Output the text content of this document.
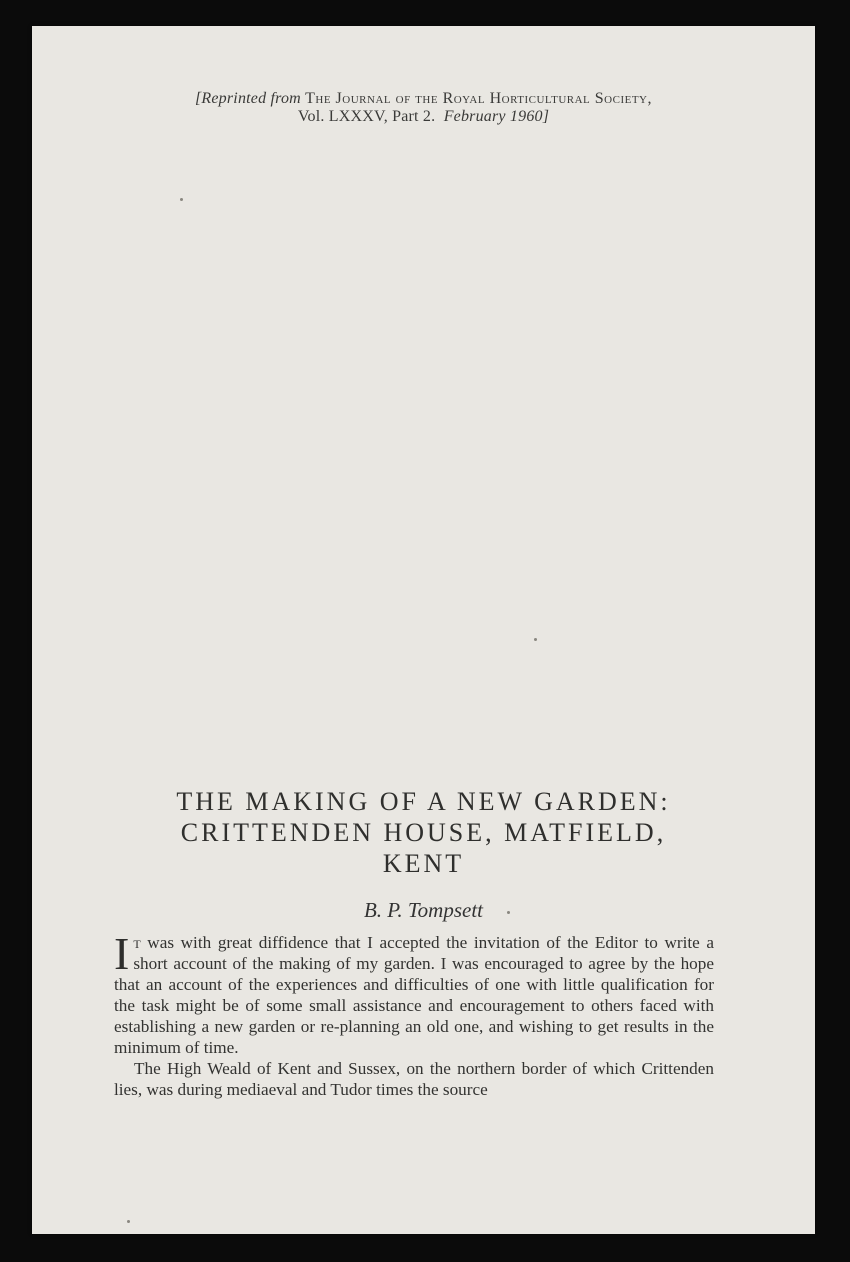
[Reprinted from The Journal of the Royal Horticultural Society,
Vol. LXXXV, Part 2. February 1960]
THE MAKING OF A NEW GARDEN:
CRITTENDEN HOUSE, MATFIELD,
KENT
B. P. Tompsett

It was with great diffidence that I accepted the invitation of the Editor to write a short account of the making of my garden. I was encouraged to agree by the hope that an account of the experiences and difficulties of one with little qualification for the task might be of some small assistance and encouragement to others faced with establishing a new garden or re-planning an old one, and wishing to get results in the minimum of time.

The High Weald of Kent and Sussex, on the northern border of which Crittenden lies, was during mediaeval and Tudor times the source
